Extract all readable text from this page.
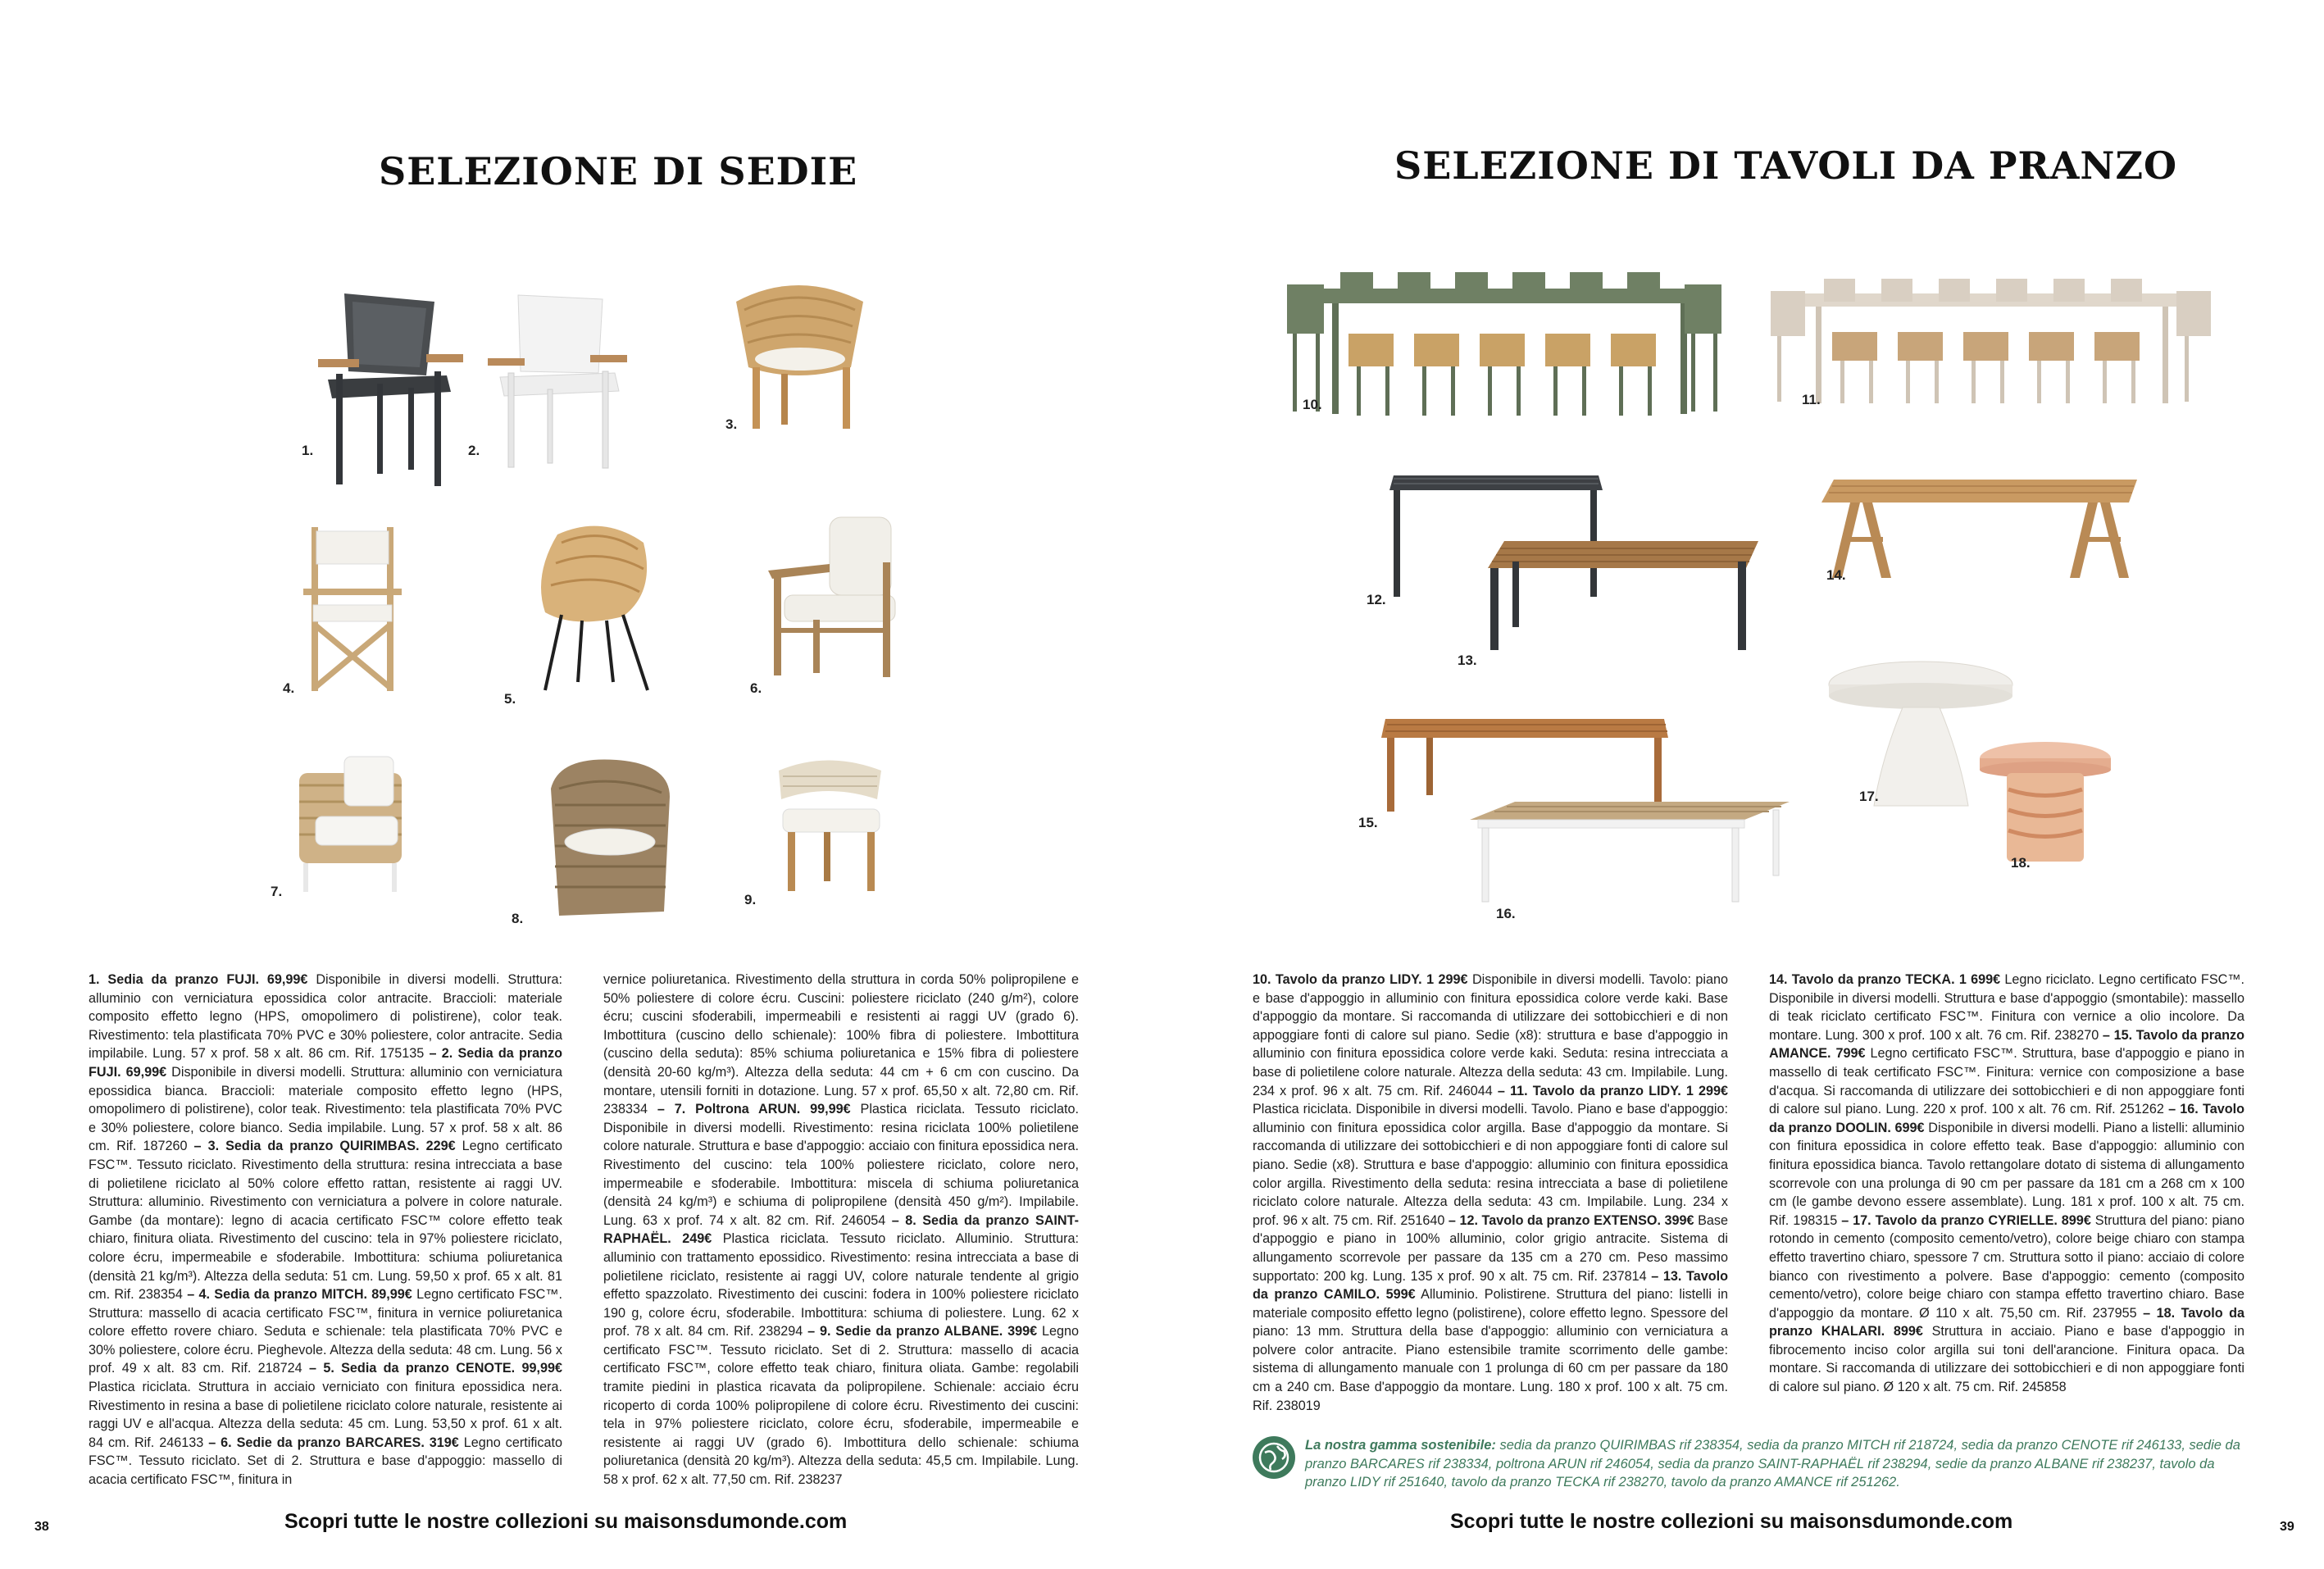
SELEZIONE DI SEDIE
1.	2.
3.
4.
5.
6.
7.
8.
9.
1. Sedia da pranzo FUJI. 69,99€ Disponibile in diversi modelli. Struttura: alluminio con verniciatura epossidica color antracite. Braccioli: materiale composito effetto legno (HPS, omopolimero di polistirene), color teak. Rivestimento: tela plastificata 70% PVC e 30% poliestere, color antracite. Sedia impilabile. Lung. 57 x prof. 58 x alt. 86 cm. Rif. 175135 – 2. Sedia da pranzo FUJI. 69,99€ Disponibile in diversi modelli. Struttura: alluminio con verniciatura epossidica bianca. Braccioli: materiale composito effetto legno (HPS, omopolimero di polistirene), color teak. Rivestimento: tela plastificata 70% PVC e 30% poliestere, colore bianco. Sedia impilabile. Lung. 57 x prof. 58 x alt. 86 cm. Rif. 187260 – 3. Sedia da pranzo QUIRIMBAS. 229€ Legno certificato FSC™. Tessuto riciclato. Rivestimento della struttura: resina intrecciata a base di polietilene riciclato al 50% colore effetto rattan, resistente ai raggi UV. Struttura: alluminio. Rivestimento con verniciatura a polvere in colore naturale. Gambe (da montare): legno di acacia certificato FSC™ colore effetto teak chiaro, finitura oliata. Rivestimento del cuscino: tela in 97% poliestere riciclato, colore écru, impermeabile e sfoderabile. Imbottitura: schiuma poliuretanica (densità 21 kg/m³). Altezza della seduta: 51 cm. Lung. 59,50 x prof. 65 x alt. 81 cm. Rif. 238354 – 4. Sedia da pranzo MITCH. 89,99€ Legno certificato FSC™. Struttura: massello di acacia certificato FSC™, finitura in vernice poliuretanica colore effetto rovere chiaro. Seduta e schienale: tela plastificata 70% PVC e 30% poliestere, colore écru. Pieghevole. Altezza della seduta: 48 cm. Lung. 56 x prof. 49 x alt. 83 cm. Rif. 218724 – 5. Sedia da pranzo CENOTE. 99,99€ Plastica riciclata. Struttura in acciaio verniciato con finitura epossidica nera. Rivestimento in resina a base di polietilene riciclato colore naturale, resistente ai raggi UV e all'acqua. Altezza della seduta: 45 cm. Lung. 53,50 x prof. 61 x alt. 84 cm. Rif. 246133 – 6. Sedie da pranzo BARCARES. 319€ Legno certificato FSC™. Tessuto riciclato. Set di 2. Struttura e base d'appoggio: massello di acacia certificato FSC™, finitura in
vernice poliuretanica. Rivestimento della struttura in corda 50% polipropilene e 50% poliestere di colore écru. Cuscini: poliestere riciclato (240 g/m²), colore écru; cuscini sfoderabili, impermeabili e resistenti ai raggi UV (grado 6). Imbottitura (cuscino dello schienale): 100% fibra di poliestere. Imbottitura (cuscino della seduta): 85% schiuma poliuretanica e 15% fibra di poliestere (densità 20-60 kg/m³). Altezza della seduta: 44 cm + 6 cm con cuscino. Da montare, utensili forniti in dotazione. Lung. 57 x prof. 65,50 x alt. 72,80 cm. Rif. 238334 – 7. Poltrona ARUN. 99,99€ Plastica riciclata. Tessuto riciclato. Disponibile in diversi modelli. Rivestimento: resina riciclata 100% polietilene colore naturale. Struttura e base d'appoggio: acciaio con finitura epossidica nera. Rivestimento del cuscino: tela 100% poliestere riciclato, colore nero, impermeabile e sfoderabile. Imbottitura: miscela di schiuma poliuretanica (densità 24 kg/m³) e schiuma di polipropilene (densità 450 g/m²). Impilabile. Lung. 63 x prof. 74 x alt. 82 cm. Rif. 246054 – 8. Sedia da pranzo SAINT-RAPHAËL. 249€ Plastica riciclata. Tessuto riciclato. Alluminio. Struttura: alluminio con trattamento epossidico. Rivestimento: resina intrecciata a base di polietilene riciclato, resistente ai raggi UV, colore naturale tendente al grigio effetto spazzolato. Rivestimento dei cuscini: fodera in 100% poliestere riciclato 190 g, colore écru, sfoderabile. Imbottitura: schiuma di poliestere. Lung. 62 x prof. 78 x alt. 84 cm. Rif. 238294 – 9. Sedie da pranzo ALBANE. 399€ Legno certificato FSC™. Tessuto riciclato. Set di 2. Struttura: massello di acacia certificato FSC™, colore effetto teak chiaro, finitura oliata. Gambe: regolabili tramite piedini in plastica ricavata da polipropilene. Schienale: acciaio écru ricoperto di corda 100% polipropilene di colore écru. Rivestimento dei cuscini: tela in 97% poliestere riciclato, colore écru, sfoderabile, impermeabile e resistente ai raggi UV (grado 6). Imbottitura dello schienale: schiuma poliuretanica (densità 20 kg/m³). Altezza della seduta: 45,5 cm. Impilabile. Lung. 58 x prof. 62 x alt. 77,50 cm. Rif. 238237
Scopri tutte le nostre collezioni su maisonsdumonde.com
38
SELEZIONE DI TAVOLI DA PRANZO
10.	11.
12.
13.
14.
15.
16.
17.
18.
10. Tavolo da pranzo LIDY. 1 299€ Disponibile in diversi modelli. Tavolo: piano e base d'appoggio in alluminio con finitura epossidica colore verde kaki. Base d'appoggio da montare. Si raccomanda di utilizzare dei sottobicchieri e di non appoggiare fonti di calore sul piano. Sedie (x8): struttura e base d'appoggio in alluminio con finitura epossidica colore verde kaki. Seduta: resina intrecciata a base di polietilene colore naturale. Altezza della seduta: 43 cm. Impilabile. Lung. 234 x prof. 96 x alt. 75 cm. Rif. 246044 – 11. Tavolo da pranzo LIDY. 1 299€ Plastica riciclata. Disponibile in diversi modelli. Tavolo. Piano e base d'appoggio: alluminio con finitura epossidica color argilla. Base d'appoggio da montare. Si raccomanda di utilizzare dei sottobicchieri e di non appoggiare fonti di calore sul piano. Sedie (x8). Struttura e base d'appoggio: alluminio con finitura epossidica color argilla. Rivestimento della seduta: resina intrecciata a base di polietilene riciclato colore naturale. Altezza della seduta: 43 cm. Impilabile. Lung. 234 x prof. 96 x alt. 75 cm. Rif. 251640 – 12. Tavolo da pranzo EXTENSO. 399€ Base d'appoggio e piano in 100% alluminio, color grigio antracite. Sistema di allungamento scorrevole per passare da 135 cm a 270 cm. Peso massimo supportato: 200 kg. Lung. 135 x prof. 90 x alt. 75 cm. Rif. 237814 – 13. Tavolo da pranzo CAMILO. 599€ Alluminio. Polistirene. Struttura del piano: listelli in materiale composito effetto legno (polistirene), colore effetto legno. Spessore del piano: 13 mm. Struttura della base d'appoggio: alluminio con verniciatura a polvere color antracite. Piano estensibile tramite scorrimento delle gambe: sistema di allungamento manuale con 1 prolunga di 60 cm per passare da 180 cm a 240 cm. Base d'appoggio da montare. Lung. 180 x prof. 100 x alt. 75 cm. Rif. 238019
14. Tavolo da pranzo TECKA. 1 699€ Legno riciclato. Legno certificato FSC™. Disponibile in diversi modelli. Struttura e base d'appoggio (smontabile): massello di teak riciclato certificato FSC™. Finitura con vernice a olio incolore. Da montare. Lung. 300 x prof. 100 x alt. 76 cm. Rif. 238270 – 15. Tavolo da pranzo AMANCE. 799€ Legno certificato FSC™. Struttura, base d'appoggio e piano in massello di teak certificato FSC™. Finitura: vernice con composizione a base d'acqua. Si raccomanda di utilizzare dei sottobicchieri e di non appoggiare fonti di calore sul piano. Lung. 220 x prof. 100 x alt. 76 cm. Rif. 251262 – 16. Tavolo da pranzo DOOLIN. 699€ Disponibile in diversi modelli. Piano a listelli: alluminio con finitura epossidica in colore effetto teak. Base d'appoggio: alluminio con finitura epossidica bianca. Tavolo rettangolare dotato di sistema di allungamento scorrevole con una prolunga di 90 cm per passare da 181 cm a 268 cm x 100 cm (le gambe devono essere assemblate). Lung. 181 x prof. 100 x alt. 75 cm. Rif. 198315 – 17. Tavolo da pranzo CYRIELLE. 899€ Struttura del piano: piano rotondo in cemento (composito cemento/vetro), colore beige chiaro con stampa effetto travertino chiaro, spessore 7 cm. Struttura sotto il piano: acciaio di colore bianco con rivestimento a polvere. Base d'appoggio: cemento (composito cemento/vetro), colore beige chiaro con stampa effetto travertino chiaro. Base d'appoggio da montare. Ø 110 x alt. 75,50 cm. Rif. 237955 – 18. Tavolo da pranzo KHALARI. 899€ Struttura in acciaio. Piano e base d'appoggio in fibrocemento inciso color argilla sui toni dell'arancione. Finitura opaca. Da montare. Si raccomanda di utilizzare dei sottobicchieri e di non appoggiare fonti di calore sul piano. Ø 120 x alt. 75 cm. Rif. 245858
La nostra gamma sostenibile: sedia da pranzo QUIRIMBAS rif 238354, sedia da pranzo MITCH rif 218724, sedia da pranzo CENOTE rif 246133, sedie da pranzo BARCARES rif 238334, poltrona ARUN rif 246054, sedia da pranzo SAINT-RAPHAËL rif 238294, sedie da pranzo ALBANE rif 238237, tavolo da pranzo LIDY rif 251640, tavolo da pranzo TECKA rif 238270, tavolo da pranzo AMANCE rif 251262.
Scopri tutte le nostre collezioni su maisonsdumonde.com	39
